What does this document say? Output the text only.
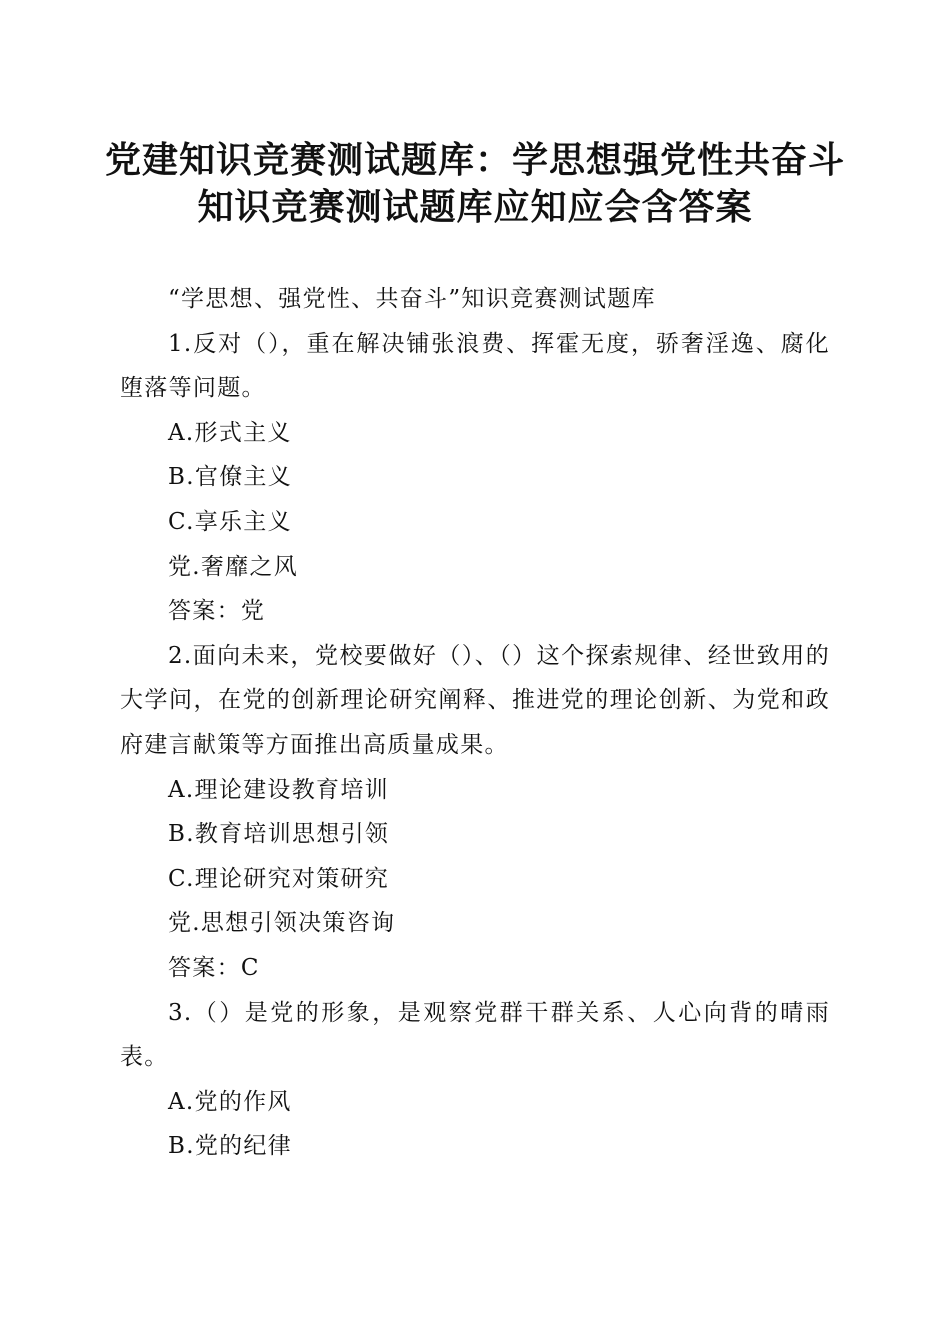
党建知识竞赛测试题库：学思想强党性共奋斗
知识竞赛测试题库应知应会含答案

“学思想、强党性、共奋斗”知识竞赛测试题库

1.反对（），重在解决铺张浪费、挥霍无度，骄奢淫逸、腐化堕落等问题。

A.形式主义

B.官僚主义

C.享乐主义

党.奢靡之风

答案：党

2.面向未来，党校要做好（）、（）这个探索规律、经世致用的大学问，在党的创新理论研究阐释、推进党的理论创新、为党和政府建言献策等方面推出高质量成果。

A.理论建设教育培训

B.教育培训思想引领

C.理论研究对策研究

党.思想引领决策咨询

答案：C

3.（）是党的形象，是观察党群干群关系、人心向背的晴雨表。

A.党的作风

B.党的纪律
